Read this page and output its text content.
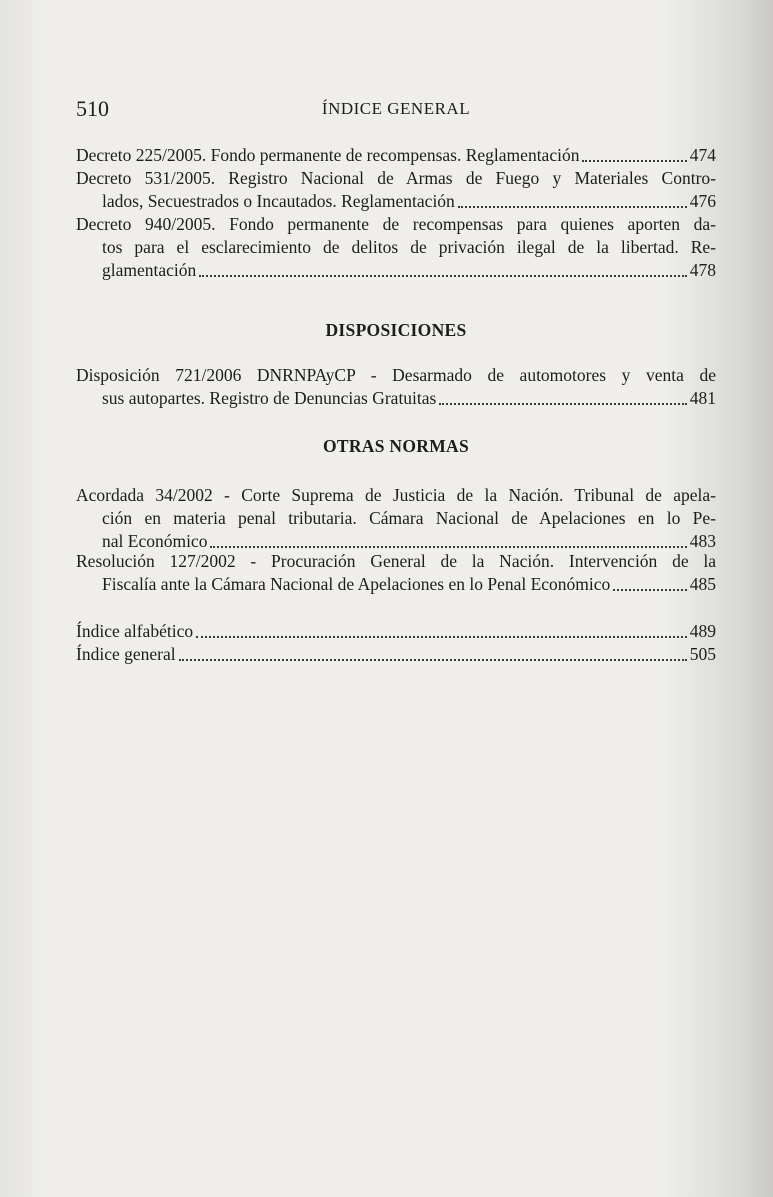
510	ÍNDICE GENERAL
Decreto 225/2005. Fondo permanente de recompensas. Reglamentación	474
Decreto 531/2005. Registro Nacional de Armas de Fuego y Materiales Contro-
lados, Secuestrados o Incautados. Reglamentación	476
Decreto 940/2005. Fondo permanente de recompensas para quienes aporten da-
tos para el esclarecimiento de delitos de privación ilegal de la libertad. Re-
glamentación	478
DISPOSICIONES
Disposición 721/2006 DNRNPAyCP - Desarmado de automotores y venta de
sus autopartes. Registro de Denuncias Gratuitas	481
OTRAS NORMAS
Acordada 34/2002 - Corte Suprema de Justicia de la Nación. Tribunal de apela-
ción en materia penal tributaria. Cámara Nacional de Apelaciones en lo Pe-
nal Económico	483
Resolución 127/2002 - Procuración General de la Nación. Intervención de la
Fiscalía ante la Cámara Nacional de Apelaciones en lo Penal Económico	485
Índice alfabético	489
Índice general	505
